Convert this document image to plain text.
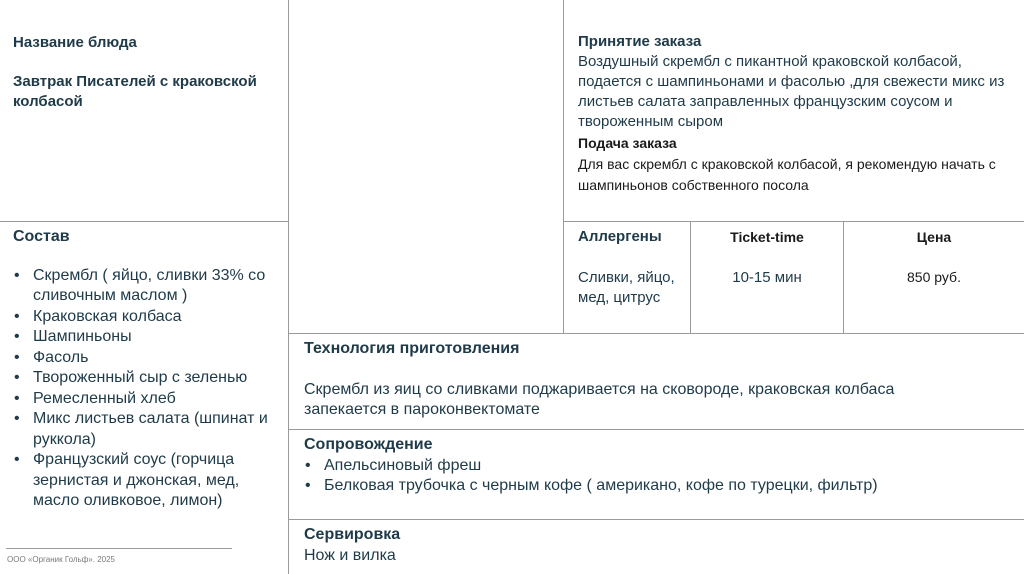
Название блюда
Завтрак Писателей с краковской колбасой
Принятие заказа
Воздушный скрембл с пикантной краковской колбасой, подается с шампиньонами и фасолью ,для свежести микс из листьев салата заправленных французским соусом и твороженным сыром
Подача заказа
Для вас скрембл с краковской колбасой, я рекомендую начать с шампиньонов собственного посола
Состав
• Скрембл ( яйцо, сливки 33% со сливочным маслом )
• Краковская колбаса
• Шампиньоны
• Фасоль
• Твороженный сыр с зеленью
• Ремесленный хлеб
• Микс листьев салата (шпинат и руккола)
• Французский соус (горчица зернистая и джонская, мед, масло оливковое, лимон)
Аллергены
Сливки, яйцо, мед, цитрус
Ticket-time
10-15 мин
Цена
850 руб.
Технология приготовления
Скрембл из яиц со сливками поджаривается на сковороде, краковская колбаса запекается в пароконвектомате
Сопровождение
• Апельсиновый фреш
• Белковая трубочка с черным кофе ( американо, кофе по турецки, фильтр)
Сервировка
Нож и вилка
ООО «Органик Гольф». 2025
